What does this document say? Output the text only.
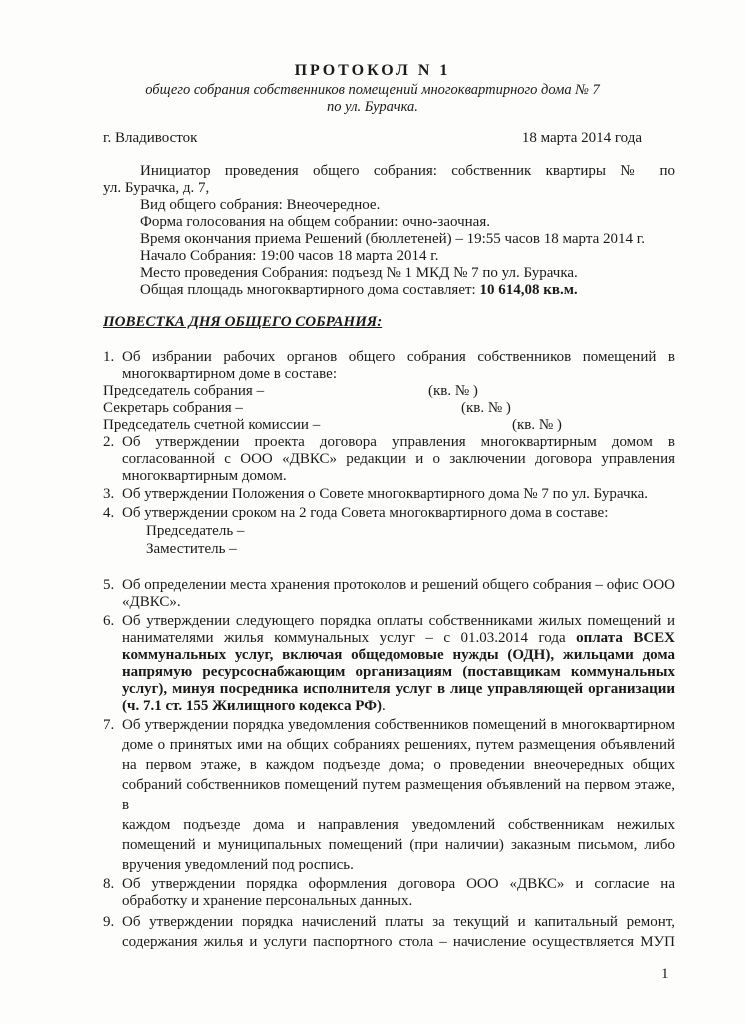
ПРОТОКОЛ N 1
общего собрания собственников помещений многоквартирного дома № 7
по ул. Бурачка.
г. Владивосток	18 марта 2014 года
Инициатор проведения общего собрания: собственник квартиры № по
ул. Бурачка, д. 7,
Вид общего собрания: Внеочередное.
Форма голосования на общем собрании: очно-заочная.
Время окончания приема Решений (бюллетеней) – 19:55 часов 18 марта 2014 г.
Начало Собрания: 19:00 часов 18 марта 2014 г.
Место проведения Собрания: подъезд № 1 МКД № 7 по ул. Бурачка.
Общая площадь многоквартирного дома составляет: 10 614,08 кв.м.
ПОВЕСТКА ДНЯ ОБЩЕГО СОБРАНИЯ:
1. Об избрании рабочих органов общего собрания собственников помещений в
многоквартирном доме в составе:
Председатель собрания –	(кв. № )
Секретарь собрания –	(кв. № )
Председатель счетной комиссии –	(кв. № )
2. Об утверждении проекта договора управления многоквартирным домом в
согласованной с ООО «ДВКС» редакции и о заключении договора управления
многоквартирным домом.
3. Об утверждении Положения о Совете многоквартирного дома № 7 по ул. Бурачка.
4. Об утверждении сроком на 2 года Совета многоквартирного дома в составе:
Председатель –
Заместитель –
5. Об определении места хранения протоколов и решений общего собрания – офис ООО
«ДВКС».
6. Об утверждении следующего порядка оплаты собственниками жилых помещений и
нанимателями жилья коммунальных услуг – с 01.03.2014 года оплата ВСЕХ
коммунальных услуг, включая общедомовые нужды (ОДН), жильцами дома
напрямую ресурсоснабжающим организациям (поставщикам коммунальных
услуг), минуя посредника исполнителя услуг в лице управляющей организации
(ч. 7.1 ст. 155 Жилищного кодекса РФ).
7. Об утверждении порядка уведомления собственников помещений в многоквартирном
доме о принятых ими на общих собраниях решениях, путем размещения объявлений
на первом этаже, в каждом подъезде дома; о проведении внеочередных общих
собраний собственников помещений путем размещения объявлений на первом этаже, в
каждом подъезде дома и направления уведомлений собственникам нежилых
помещений и муниципальных помещений (при наличии) заказным письмом, либо
вручения уведомлений под роспись.
8. Об утверждении порядка оформления договора ООО «ДВКС» и согласие на
обработку и хранение персональных данных.
9. Об утверждении порядка начислений платы за текущий и капитальный ремонт,
содержания жилья и услуги паспортного стола – начисление осуществляется МУП
1
